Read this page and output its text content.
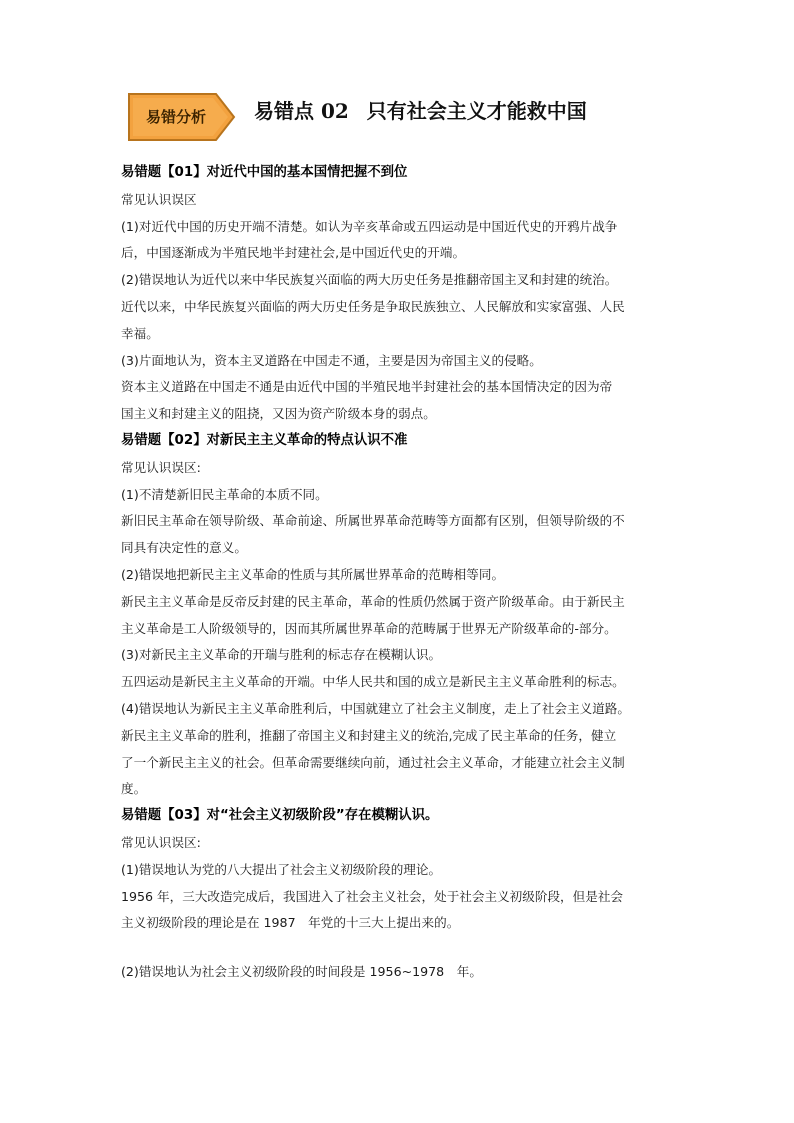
易错分析	易错点 02 只有社会主义才能救中国
易错题【01】对近代中国的基本国情把握不到位
常见认识误区
(1)对近代中国的历史开端不清楚。如认为辛亥革命或五四运动是中国近代史的开鸦片战争
后，中国逐渐成为半殖民地半封建社会,是中国近代史的开端。
(2)错误地认为近代以来中华民族复兴面临的两大历史任务是推翻帝国主叉和封建的统治。
近代以来，中华民族复兴面临的两大历史任务是争取民族独立、人民解放和实家富强、人民
幸福。
(3)片面地认为，资本主叉道路在中国走不通，主要是因为帝国主义的侵略。
资本主义道路在中国走不通是由近代中国的半殖民地半封建社会的基本国情决定的因为帝
国主义和封建主义的阻挠，又因为资产阶级本身的弱点。
易错题【02】对新民主主义革命的特点认识不准
常见认识误区:
(1)不清楚新旧民主革命的本质不同。
新旧民主革命在领导阶级、革命前途、所属世界革命范畴等方面都有区别，但领导阶级的不
同具有决定性的意义。
(2)错误地把新民主主义革命的性质与其所属世界革命的范畴相等同。
新民主主义革命是反帝反封建的民主革命，革命的性质仍然属于资产阶级革命。由于新民主
主义革命是工人阶级领导的，因而其所属世界革命的范畴属于世界无产阶级革命的-部分。
(3)对新民主主义革命的开瑞与胜利的标志存在模糊认识。
五四运动是新民主主义革命的开端。中华人民共和国的成立是新民主主义革命胜利的标志。
(4)错误地认为新民主主义革命胜利后，中国就建立了社会主义制度，走上了社会主义道路。
新民主主义革命的胜利，推翻了帝国主义和封建主义的统治,完成了民主革命的任务，健立
了一个新民主主义的社会。但革命需要继续向前，通过社会主义革命，才能建立社会主义制
度。
易错题【03】对“社会主义初级阶段”存在模糊认识。
常见认识误区:
(1)错误地认为党的八大提出了社会主义初级阶段的理论。
1956 年，三大改造完成后，我国进入了社会主义社会，处于社会主义初级阶段，但是社会
主义初级阶段的理论是在 1987　年党的十三大上提出来的。
(2)错误地认为社会主义初级阶段的时间段是 1956~1978　年。
